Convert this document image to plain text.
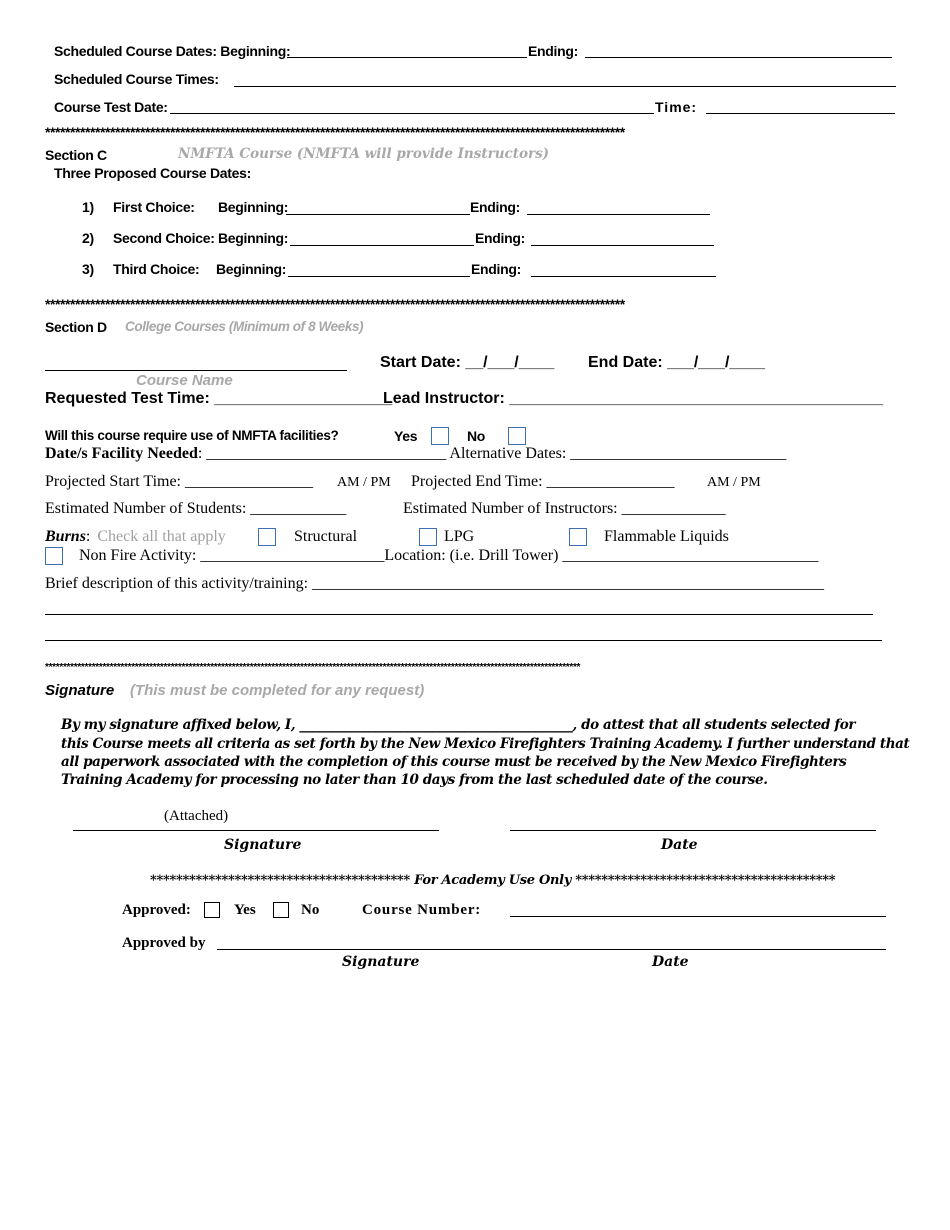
Scheduled Course Dates: Beginning:	Ending:
Scheduled Course Times:
Course Test Date:	Time:
********************************************************************************************************************
Section C	NMFTA Course (NMFTA will provide Instructors)
Three Proposed Course Dates:
1) First Choice: Beginning:	Ending:
2) Second Choice: Beginning:	Ending:
3) Third Choice: Beginning:	Ending:
********************************************************************************************************************
Section D College Courses (Minimum of 8 Weeks)
Start Date: __/___/____ End Date: ___/___/____
Course Name
Requested Test Time: ____________________
Lead Instructor: __________________________________________
Will this course require use of NMFTA facilities?	Yes	No
Date/s Facility Needed: ______________________________ Alternative Dates: ___________________________
Projected Start Time: ________________ AM / PM Projected End Time: ________________ AM / PM
Estimated Number of Students: ____________	Estimated Number of Instructors: _____________
Burns: Check all that apply	Structural	LPG	Flammable Liquids
Non Fire Activity: _______________________Location: (i.e. Drill Tower) ________________________________
Brief description of this activity/training: ________________________________________________________________
*****************************************************************************************************************************************************
Signature (This must be completed for any request)
By my signature affixed below, I, ___________________________________________, do attest that all students selected for
this Course meets all criteria as set forth by the New Mexico Firefighters Training Academy. I further understand that
all paperwork associated with the completion of this course must be received by the New Mexico Firefighters
Training Academy for processing no later than 10 days from the last scheduled date of the course.
(Attached)
Signature	Date
**************************************** For Academy Use Only ****************************************
Approved:	Yes	No	Course Number:
Approved by
Signature	Date
